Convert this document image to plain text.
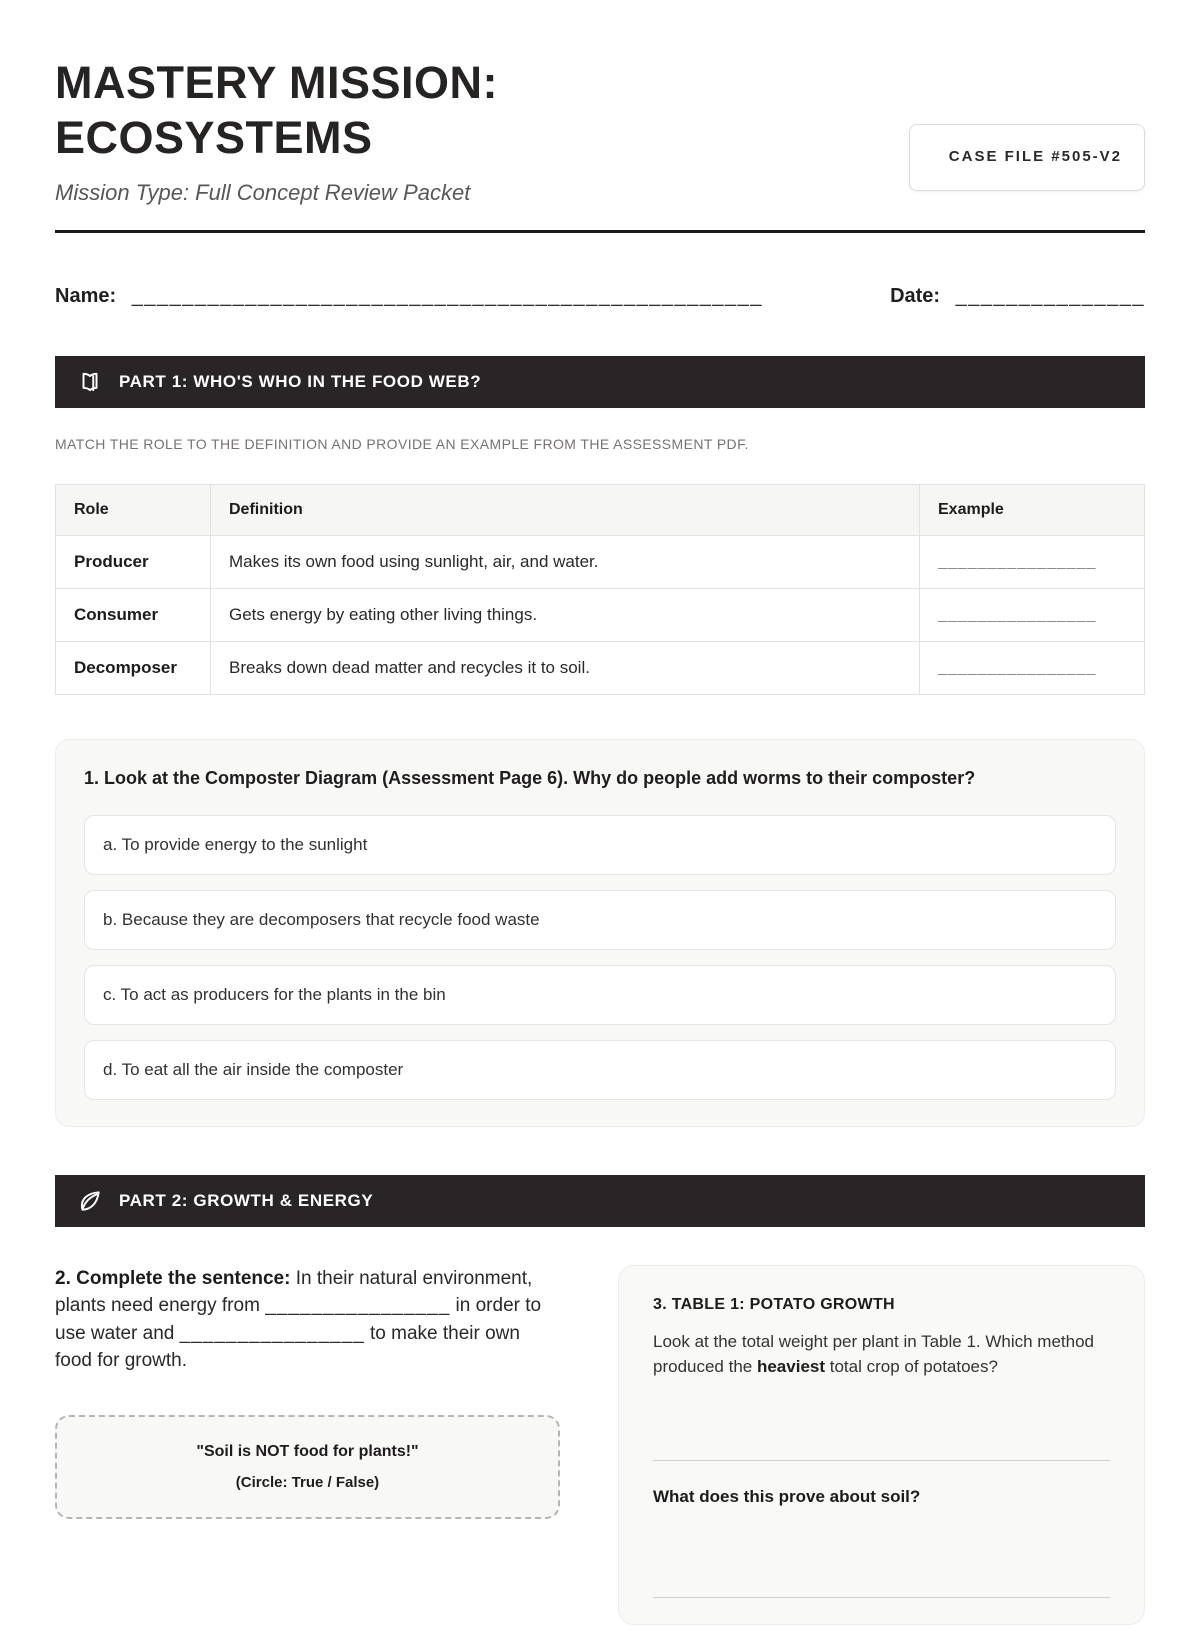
MASTERY MISSION: ECOSYSTEMS
Mission Type: Full Concept Review Packet
CASE FILE #505-V2
Name: __________________________________________________	Date: _______________
PART 1: WHO'S WHO IN THE FOOD WEB?
MATCH THE ROLE TO THE DEFINITION AND PROVIDE AN EXAMPLE FROM THE ASSESSMENT PDF.
Role	Definition	Example
Producer	Makes its own food using sunlight, air, and water.	________________
Consumer	Gets energy by eating other living things.	________________
Decomposer	Breaks down dead matter and recycles it to soil.	________________
1. Look at the Composter Diagram (Assessment Page 6). Why do people add worms to their composter?
a. To provide energy to the sunlight
b. Because they are decomposers that recycle food waste
c. To act as producers for the plants in the bin
d. To eat all the air inside the composter
PART 2: GROWTH & ENERGY
2. Complete the sentence: In their natural environment, plants need energy from ________________ in order to use water and ________________ to make their own food for growth.
"Soil is NOT food for plants!"
(Circle: True / False)
3. TABLE 1: POTATO GROWTH
Look at the total weight per plant in Table 1. Which method produced the heaviest total crop of potatoes?
What does this prove about soil?
